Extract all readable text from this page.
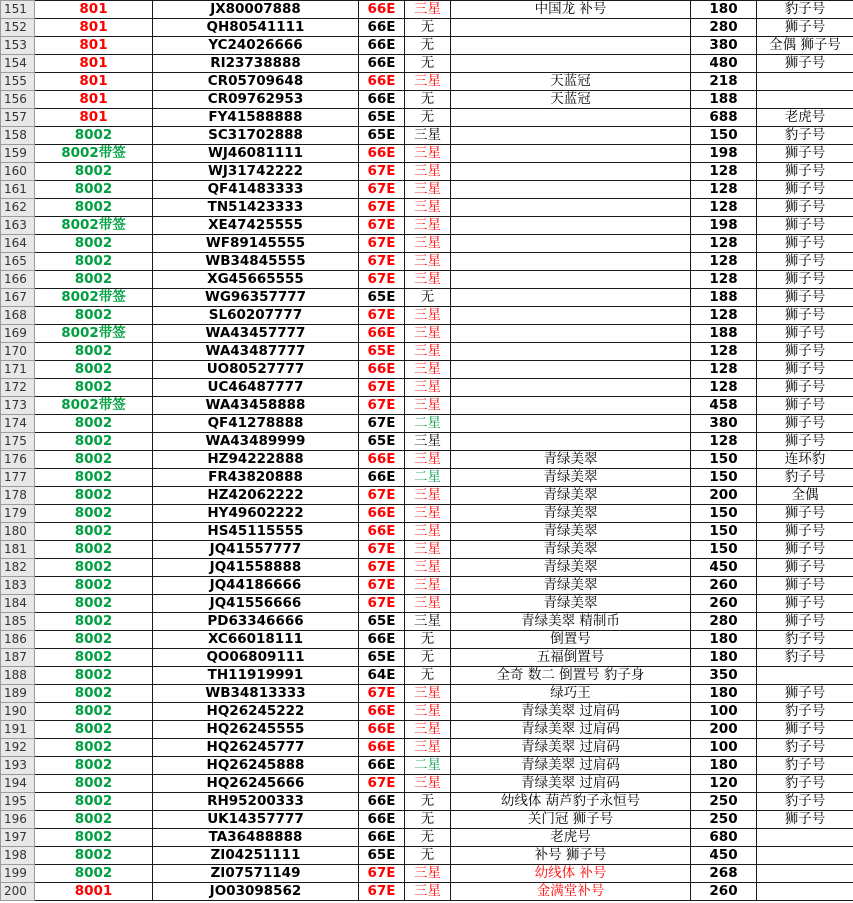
151	801	JX80007888	66E	三星	中国龙 补号	180	豹子号
152	801	QH80541111	66E	无		280	狮子号
153	801	YC24026666	66E	无		380	全偶 狮子号
154	801	RI23738888	66E	无		480	狮子号
155	801	CR05709648	66E	三星	天蓝冠	218	
156	801	CR09762953	66E	无	天蓝冠	188	
157	801	FY41588888	65E	无		688	老虎号
158	8002	SC31702888	65E	三星		150	豹子号
159	8002带签	WJ46081111	66E	三星		198	狮子号
160	8002	WJ31742222	67E	三星		128	狮子号
161	8002	QF41483333	67E	三星		128	狮子号
162	8002	TN51423333	67E	三星		128	狮子号
163	8002带签	XE47425555	67E	三星		198	狮子号
164	8002	WF89145555	67E	三星		128	狮子号
165	8002	WB34845555	67E	三星		128	狮子号
166	8002	XG45665555	67E	三星		128	狮子号
167	8002带签	WG96357777	65E	无		188	狮子号
168	8002	SL60207777	67E	三星		128	狮子号
169	8002带签	WA43457777	66E	三星		188	狮子号
170	8002	WA43487777	65E	三星		128	狮子号
171	8002	UO80527777	66E	三星		128	狮子号
172	8002	UC46487777	67E	三星		128	狮子号
173	8002带签	WA43458888	67E	三星		458	狮子号
174	8002	QF41278888	67E	二星		380	狮子号
175	8002	WA43489999	65E	三星		128	狮子号
176	8002	HZ94222888	66E	三星	青绿美翠	150	连环豹
177	8002	FR43820888	66E	二星	青绿美翠	150	豹子号
178	8002	HZ42062222	67E	三星	青绿美翠	200	全偶
179	8002	HY49602222	66E	三星	青绿美翠	150	狮子号
180	8002	HS45115555	66E	三星	青绿美翠	150	狮子号
181	8002	JQ41557777	67E	三星	青绿美翠	150	狮子号
182	8002	JQ41558888	67E	三星	青绿美翠	450	狮子号
183	8002	JQ44186666	67E	三星	青绿美翠	260	狮子号
184	8002	JQ41556666	67E	三星	青绿美翠	260	狮子号
185	8002	PD63346666	65E	三星	青绿美翠 精制币	280	狮子号
186	8002	XC66018111	66E	无	倒置号	180	豹子号
187	8002	QO06809111	65E	无	五福倒置号	180	豹子号
188	8002	TH11919991	64E	无	全奇 数二 倒置号 豹子身	350	
189	8002	WB34813333	67E	三星	绿巧王	180	狮子号
190	8002	HQ26245222	66E	三星	青绿美翠 过肩码	100	豹子号
191	8002	HQ26245555	66E	三星	青绿美翠 过肩码	200	狮子号
192	8002	HQ26245777	66E	三星	青绿美翠 过肩码	100	豹子号
193	8002	HQ26245888	66E	二星	青绿美翠 过肩码	180	豹子号
194	8002	HQ26245666	67E	三星	青绿美翠 过肩码	120	豹子号
195	8002	RH95200333	66E	无	幼线体 葫芦豹子永恒号	250	豹子号
196	8002	UK14357777	66E	无	关门冠 狮子号	250	狮子号
197	8002	TA36488888	66E	无	老虎号	680	
198	8002	ZI04251111	65E	无	补号 狮子号	450	
199	8002	ZI07571149	67E	三星	幼线体 补号	268	
200	8001	JO03098562	67E	三星	金满堂补号	260	
